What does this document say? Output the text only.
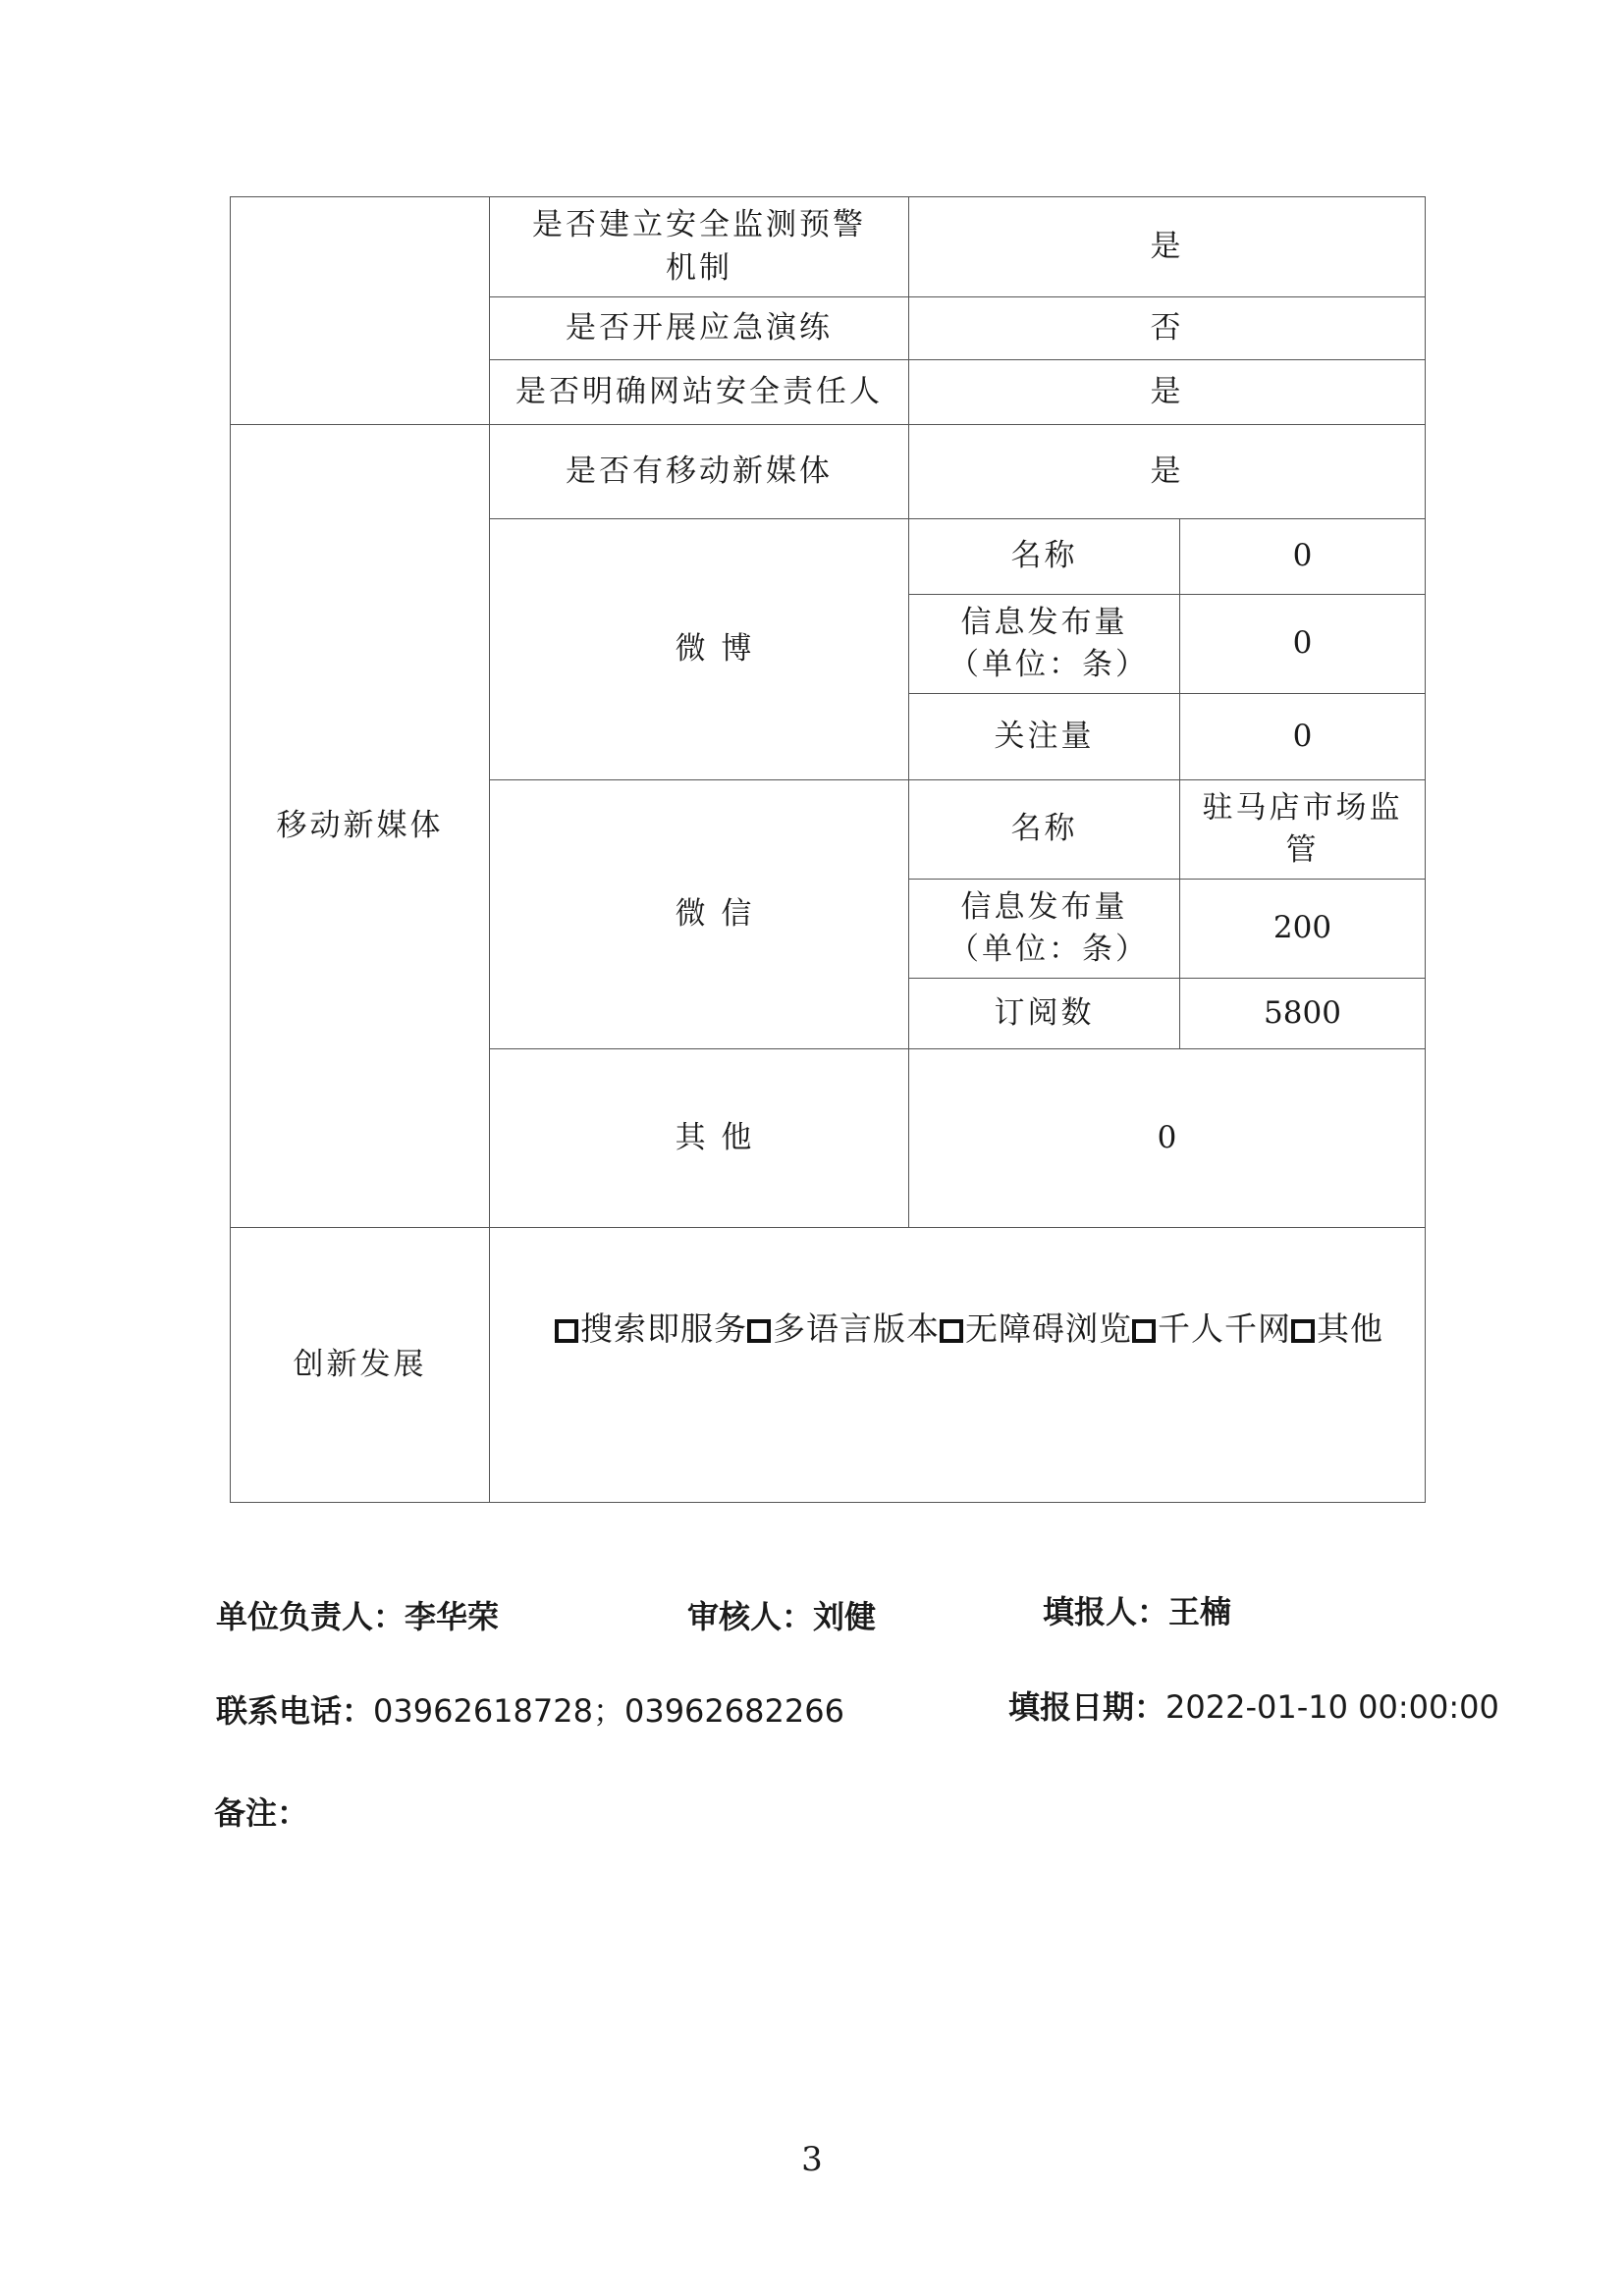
	是否建立安全监测预警机制	是	
	是否开展应急演练	否	
	是否明确网站安全责任人	是	
移动新媒体	是否有移动新媒体	是	
	微 博	名称	0
		信息发布量（单位：条）	0
		关注量	0
	微 信	名称	驻马店市场监管
		信息发布量（单位：条）	200
		订阅数	5800
	其 他	0	
创新发展	搜索即服务 多语言版本 无障碍浏览 千人千网 其他		
单位负责人：李华荣	审核人：刘健	填报人：王楠
联系电话：03962618728；03962682266	填报日期：2022-01-10 00:00:00
备注：
3
